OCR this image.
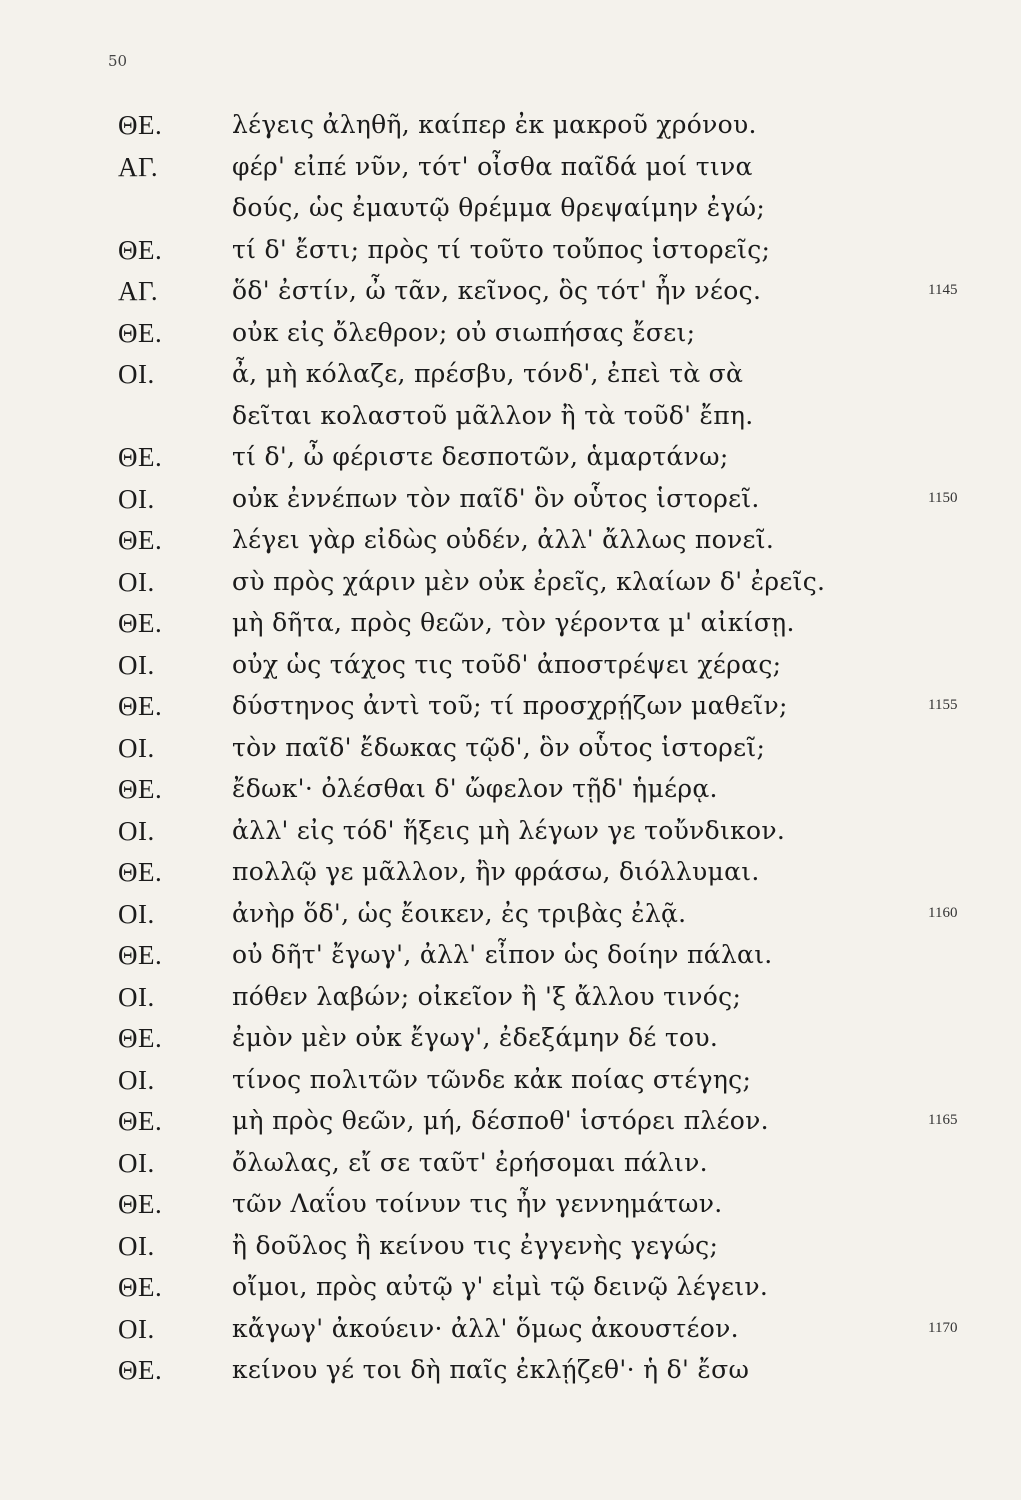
50
ΘΕ.	λέγεις ἀληθῆ, καίπερ ἐκ μακροῦ χρόνου.
ΑΓ.	φέρ' εἰπέ νῦν, τότ' οἶσθα παῖδά μοί τινα
δούς, ὡς ἐμαυτῷ θρέμμα θρεψαίμην ἐγώ;
ΘΕ.	τί δ' ἔστι; πρὸς τί τοῦτο τοὔπος ἱστορεῖς;
ΑΓ.	ὅδ' ἐστίν, ὦ τᾶν, κεῖνος, ὃς τότ' ἦν νέος.	1145
ΘΕ.	οὐκ εἰς ὄλεθρον; οὐ σιωπήσας ἔσει;
ΟΙ.	ἆ, μὴ κόλαζε, πρέσβυ, τόνδ', ἐπεὶ τὰ σὰ
δεῖται κολαστοῦ μᾶλλον ἢ τὰ τοῦδ' ἔπη.
ΘΕ.	τί δ', ὦ φέριστε δεσποτῶν, ἁμαρτάνω;
ΟΙ.	οὐκ ἐννέπων τὸν παῖδ' ὃν οὗτος ἱστορεῖ.	1150
ΘΕ.	λέγει γὰρ εἰδὼς οὐδέν, ἀλλ' ἄλλως πονεῖ.
ΟΙ.	σὺ πρὸς χάριν μὲν οὐκ ἐρεῖς, κλαίων δ' ἐρεῖς.
ΘΕ.	μὴ δῆτα, πρὸς θεῶν, τὸν γέροντα μ' αἰκίσῃ.
ΟΙ.	οὐχ ὡς τάχος τις τοῦδ' ἀποστρέψει χέρας;
ΘΕ.	δύστηνος ἀντὶ τοῦ; τί προσχρῄζων μαθεῖν;	1155
ΟΙ.	τὸν παῖδ' ἔδωκας τῷδ', ὃν οὗτος ἱστορεῖ;
ΘΕ.	ἔδωκ'· ὀλέσθαι δ' ὤφελον τῇδ' ἡμέρᾳ.
ΟΙ.	ἀλλ' εἰς τόδ' ἥξεις μὴ λέγων γε τοὔνδικον.
ΘΕ.	πολλῷ γε μᾶλλον, ἢν φράσω, διόλλυμαι.
ΟΙ.	ἀνὴρ ὅδ', ὡς ἔοικεν, ἐς τριβὰς ἐλᾷ.	1160
ΘΕ.	οὐ δῆτ' ἔγωγ', ἀλλ' εἶπον ὡς δοίην πάλαι.
ΟΙ.	πόθεν λαβών; οἰκεῖον ἢ 'ξ ἄλλου τινός;
ΘΕ.	ἐμὸν μὲν οὐκ ἔγωγ', ἐδεξάμην δέ του.
ΟΙ.	τίνος πολιτῶν τῶνδε κἀκ ποίας στέγης;
ΘΕ.	μὴ πρὸς θεῶν, μή, δέσποθ' ἱστόρει πλέον.	1165
ΟΙ.	ὄλωλας, εἴ σε ταῦτ' ἐρήσομαι πάλιν.
ΘΕ.	τῶν Λαΐου τοίνυν τις ἦν γεννημάτων.
ΟΙ.	ἢ δοῦλος ἢ κείνου τις ἐγγενὴς γεγώς;
ΘΕ.	οἴμοι, πρὸς αὐτῷ γ' εἰμὶ τῷ δεινῷ λέγειν.
ΟΙ.	κἄγωγ' ἀκούειν· ἀλλ' ὅμως ἀκουστέον.	1170
ΘΕ.	κείνου γέ τοι δὴ παῖς ἐκλῄζεθ'· ἡ δ' ἔσω
